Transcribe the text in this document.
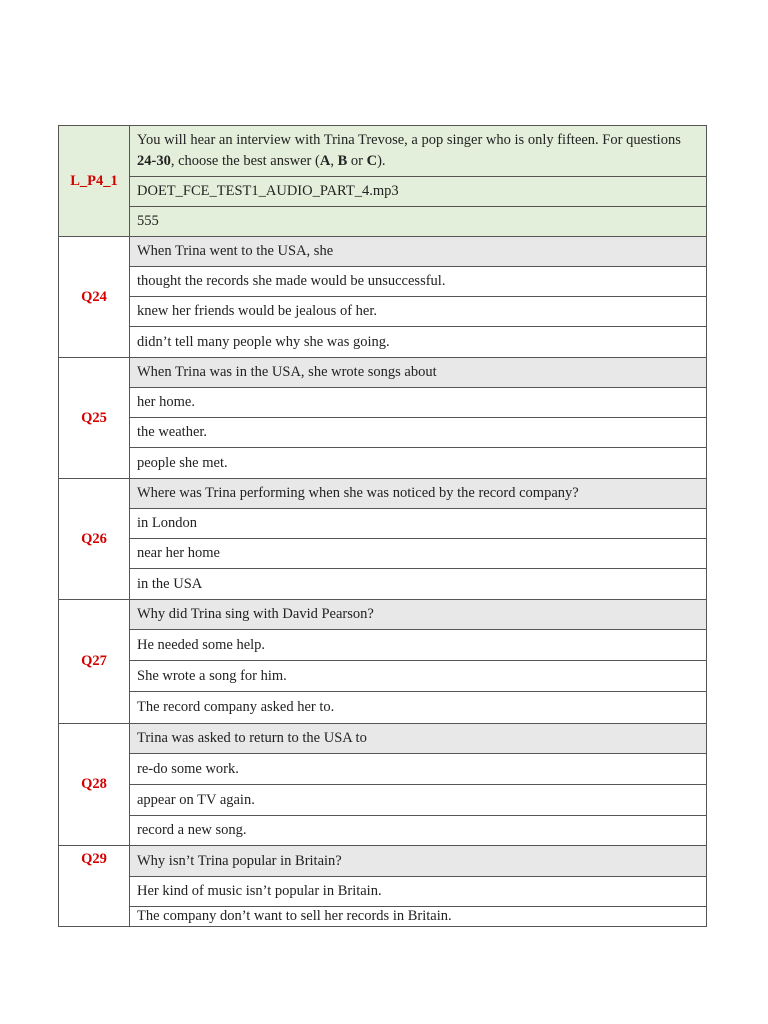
L_P4_1	You will hear an interview with Trina Trevose, a pop singer who is only fifteen. For questions 24-30, choose the best answer (A, B or C).
	DOET_FCE_TEST1_AUDIO_PART_4.mp3
	555
Q24	When Trina went to the USA, she
	thought the records she made would be unsuccessful.
	knew her friends would be jealous of her.
	didn’t tell many people why she was going.
Q25	When Trina was in the USA, she wrote songs about
	her home.
	the weather.
	people she met.
Q26	Where was Trina performing when she was noticed by the record company?
	in London
	near her home
	in the USA
Q27	Why did Trina sing with David Pearson?
	He needed some help.
	She wrote a song for him.
	The record company asked her to.
Q28	Trina was asked to return to the USA to
	re-do some work.
	appear on TV again.
	record a new song.
Q29	Why isn’t Trina popular in Britain?
	Her kind of music isn’t popular in Britain.
	The company don’t want to sell her records in Britain.
